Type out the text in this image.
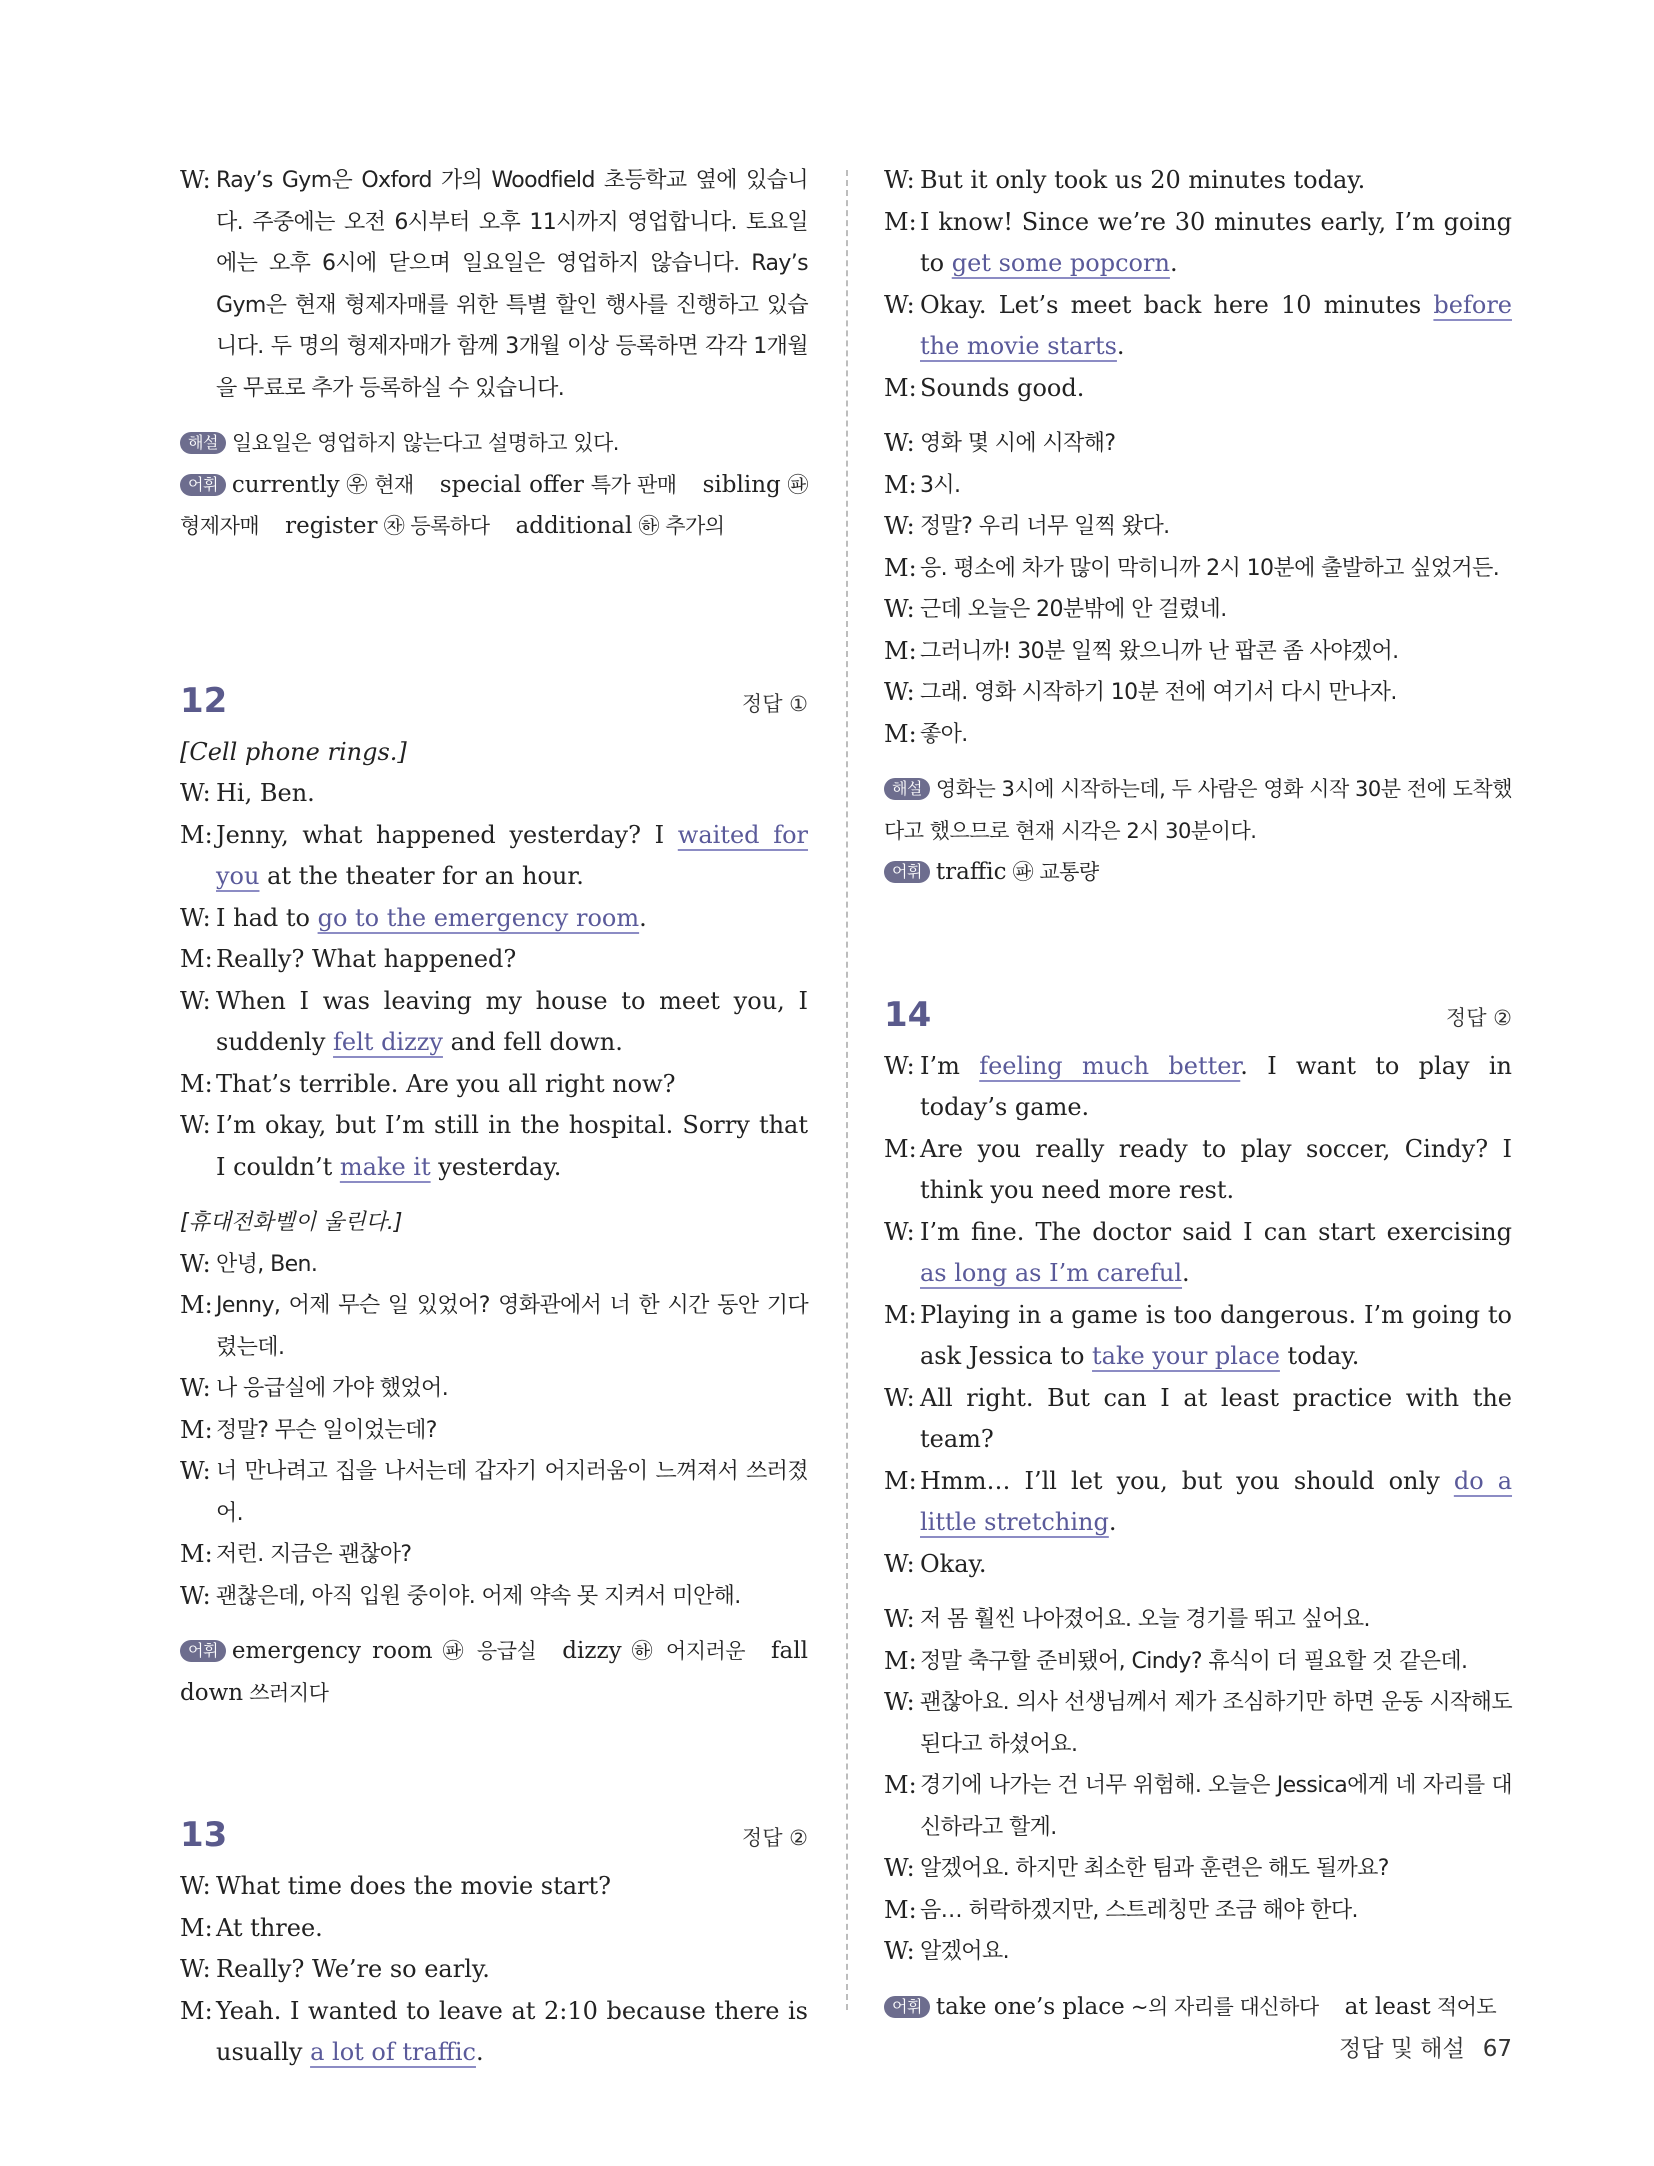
W: Ray’s Gym은 Oxford 가의 Woodfield 초등학교 옆에 있습니다. 주중에는 오전 6시부터 오후 11시까지 영업합니다. 토요일에는 오후 6시에 닫으며 일요일은 영업하지 않습니다. Ray’s Gym은 현재 형제자매를 위한 특별 할인 행사를 진행하고 있습니다. 두 명의 형제자매가 함께 3개월 이상 등록하면 각각 1개월을 무료로 추가 등록하실 수 있습니다.
해설 일요일은 영업하지 않는다고 설명하고 있다.
어휘 currently ㉾ 현재 special offer 특가 판매 sibling ㉺ 형제자매 register ㉶ 등록하다 additional ㉻ 추가의
12	정답 ①
[Cell phone rings.]
W: Hi, Ben.
M: Jenny, what happened yesterday? I waited for you at the theater for an hour.
W: I had to go to the emergency room.
M: Really? What happened?
W: When I was leaving my house to meet you, I suddenly felt dizzy and fell down.
M: That’s terrible. Are you all right now?
W: I’m okay, but I’m still in the hospital. Sorry that I couldn’t make it yesterday.
[휴대전화벨이 울린다.]
W: 안녕, Ben.
M: Jenny, 어제 무슨 일 있었어? 영화관에서 너 한 시간 동안 기다렸는데.
W: 나 응급실에 가야 했었어.
M: 정말? 무슨 일이었는데?
W: 너 만나려고 집을 나서는데 갑자기 어지러움이 느껴져서 쓰러졌어.
M: 저런. 지금은 괜찮아?
W: 괜찮은데, 아직 입원 중이야. 어제 약속 못 지켜서 미안해.
어휘 emergency room ㉺ 응급실 dizzy ㉻ 어지러운 fall down 쓰러지다
13	정답 ②
W: What time does the movie start?
M: At three.
W: Really? We’re so early.
M: Yeah. I wanted to leave at 2:10 because there is usually a lot of traffic.
W: But it only took us 20 minutes today.
M: I know! Since we’re 30 minutes early, I’m going to get some popcorn.
W: Okay. Let’s meet back here 10 minutes before the movie starts.
M: Sounds good.
W: 영화 몇 시에 시작해?
M: 3시.
W: 정말? 우리 너무 일찍 왔다.
M: 응. 평소에 차가 많이 막히니까 2시 10분에 출발하고 싶었거든.
W: 근데 오늘은 20분밖에 안 걸렸네.
M: 그러니까! 30분 일찍 왔으니까 난 팝콘 좀 사야겠어.
W: 그래. 영화 시작하기 10분 전에 여기서 다시 만나자.
M: 좋아.
해설 영화는 3시에 시작하는데, 두 사람은 영화 시작 30분 전에 도착했다고 했으므로 현재 시각은 2시 30분이다.
어휘 traffic ㉺ 교통량
14	정답 ②
W: I’m feeling much better. I want to play in today’s game.
M: Are you really ready to play soccer, Cindy? I think you need more rest.
W: I’m fine. The doctor said I can start exercising as long as I’m careful.
M: Playing in a game is too dangerous. I’m going to ask Jessica to take your place today.
W: All right. But can I at least practice with the team?
M: Hmm… I’ll let you, but you should only do a little stretching.
W: Okay.
W: 저 몸 훨씬 나아졌어요. 오늘 경기를 뛰고 싶어요.
M: 정말 축구할 준비됐어, Cindy? 휴식이 더 필요할 것 같은데.
W: 괜찮아요. 의사 선생님께서 제가 조심하기만 하면 운동 시작해도 된다고 하셨어요.
M: 경기에 나가는 건 너무 위험해. 오늘은 Jessica에게 네 자리를 대신하라고 할게.
W: 알겠어요. 하지만 최소한 팀과 훈련은 해도 될까요?
M: 음… 허락하겠지만, 스트레칭만 조금 해야 한다.
W: 알겠어요.
어휘 take one’s place ~의 자리를 대신하다 at least 적어도
정답 및 해설 67
